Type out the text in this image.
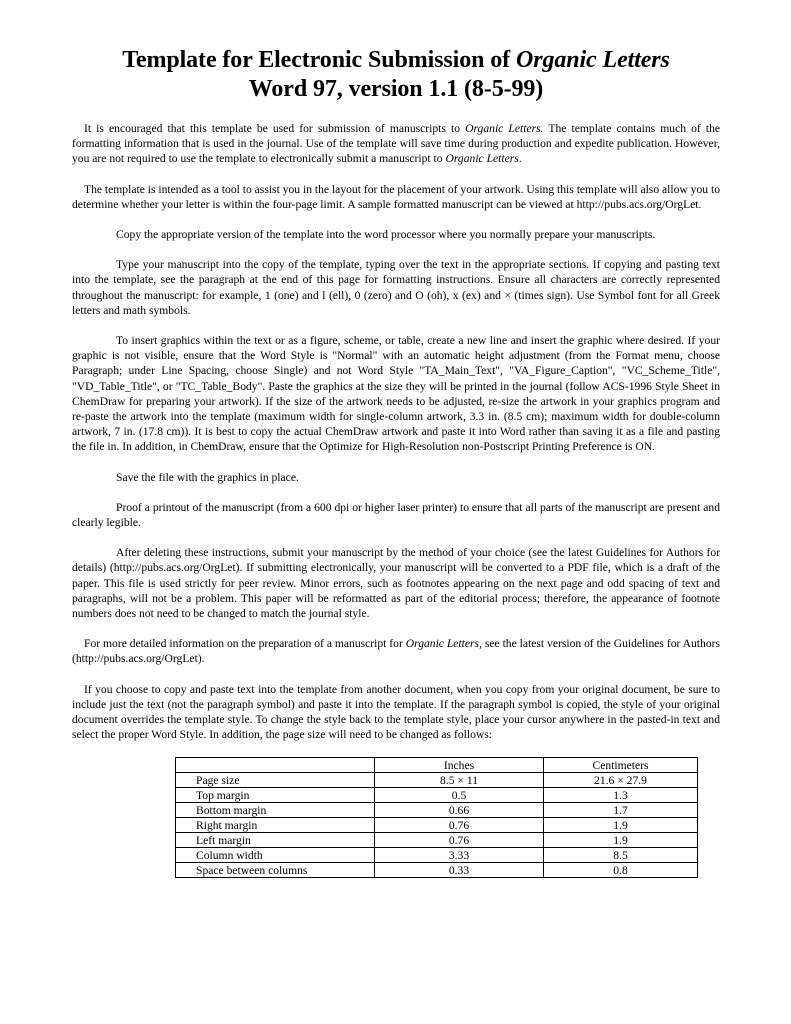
Template for Electronic Submission of Organic Letters
Word 97, version 1.1 (8-5-99)

It is encouraged that this template be used for submission of manuscripts to Organic Letters. The template contains much of the formatting information that is used in the journal. Use of the template will save time during production and expedite publication. However, you are not required to use the template to electronically submit a manuscript to Organic Letters.

The template is intended as a tool to assist you in the layout for the placement of your artwork. Using this template will also allow you to determine whether your letter is within the four-page limit. A sample formatted manuscript can be viewed at http://pubs.acs.org/OrgLet.

Copy the appropriate version of the template into the word processor where you normally prepare your manuscripts.

Type your manuscript into the copy of the template, typing over the text in the appropriate sections. If copying and pasting text into the template, see the paragraph at the end of this page for formatting instructions. Ensure all characters are correctly represented throughout the manuscript: for example, 1 (one) and l (ell), 0 (zero) and O (oh), x (ex) and × (times sign). Use Symbol font for all Greek letters and math symbols.

To insert graphics within the text or as a figure, scheme, or table, create a new line and insert the graphic where desired. If your graphic is not visible, ensure that the Word Style is "Normal" with an automatic height adjustment (from the Format menu, choose Paragraph; under Line Spacing, choose Single) and not Word Style "TA_Main_Text", "VA_Figure_Caption", "VC_Scheme_Title", "VD_Table_Title", or "TC_Table_Body". Paste the graphics at the size they will be printed in the journal (follow ACS-1996 Style Sheet in ChemDraw for preparing your artwork). If the size of the artwork needs to be adjusted, re-size the artwork in your graphics program and re-paste the artwork into the template (maximum width for single-column artwork, 3.3 in. (8.5 cm); maximum width for double-column artwork, 7 in. (17.8 cm)). It is best to copy the actual ChemDraw artwork and paste it into Word rather than saving it as a file and pasting the file in. In addition, in ChemDraw, ensure that the Optimize for High-Resolution non-Postscript Printing Preference is ON.

Save the file with the graphics in place.

Proof a printout of the manuscript (from a 600 dpi or higher laser printer) to ensure that all parts of the manuscript are present and clearly legible.

After deleting these instructions, submit your manuscript by the method of your choice (see the latest Guidelines for Authors for details) (http://pubs.acs.org/OrgLet). If submitting electronically, your manuscript will be converted to a PDF file, which is a draft of the paper. This file is used strictly for peer review. Minor errors, such as footnotes appearing on the next page and odd spacing of text and paragraphs, will not be a problem. This paper will be reformatted as part of the editorial process; therefore, the appearance of footnote numbers does not need to be changed to match the journal style.

For more detailed information on the preparation of a manuscript for Organic Letters, see the latest version of the Guidelines for Authors (http://pubs.acs.org/OrgLet).

If you choose to copy and paste text into the template from another document, when you copy from your original document, be sure to include just the text (not the paragraph symbol) and paste it into the template. If the paragraph symbol is copied, the style of your original document overrides the template style. To change the style back to the template style, place your cursor anywhere in the pasted-in text and select the proper Word Style. In addition, the page size will need to be changed as follows:

	Inches	Centimeters
Page size	8.5 × 11	21.6 × 27.9
Top margin	0.5	1.3
Bottom margin	0.66	1.7
Right margin	0.76	1.9
Left margin	0.76	1.9
Column width	3.33	8.5
Space between columns	0.33	0.8
